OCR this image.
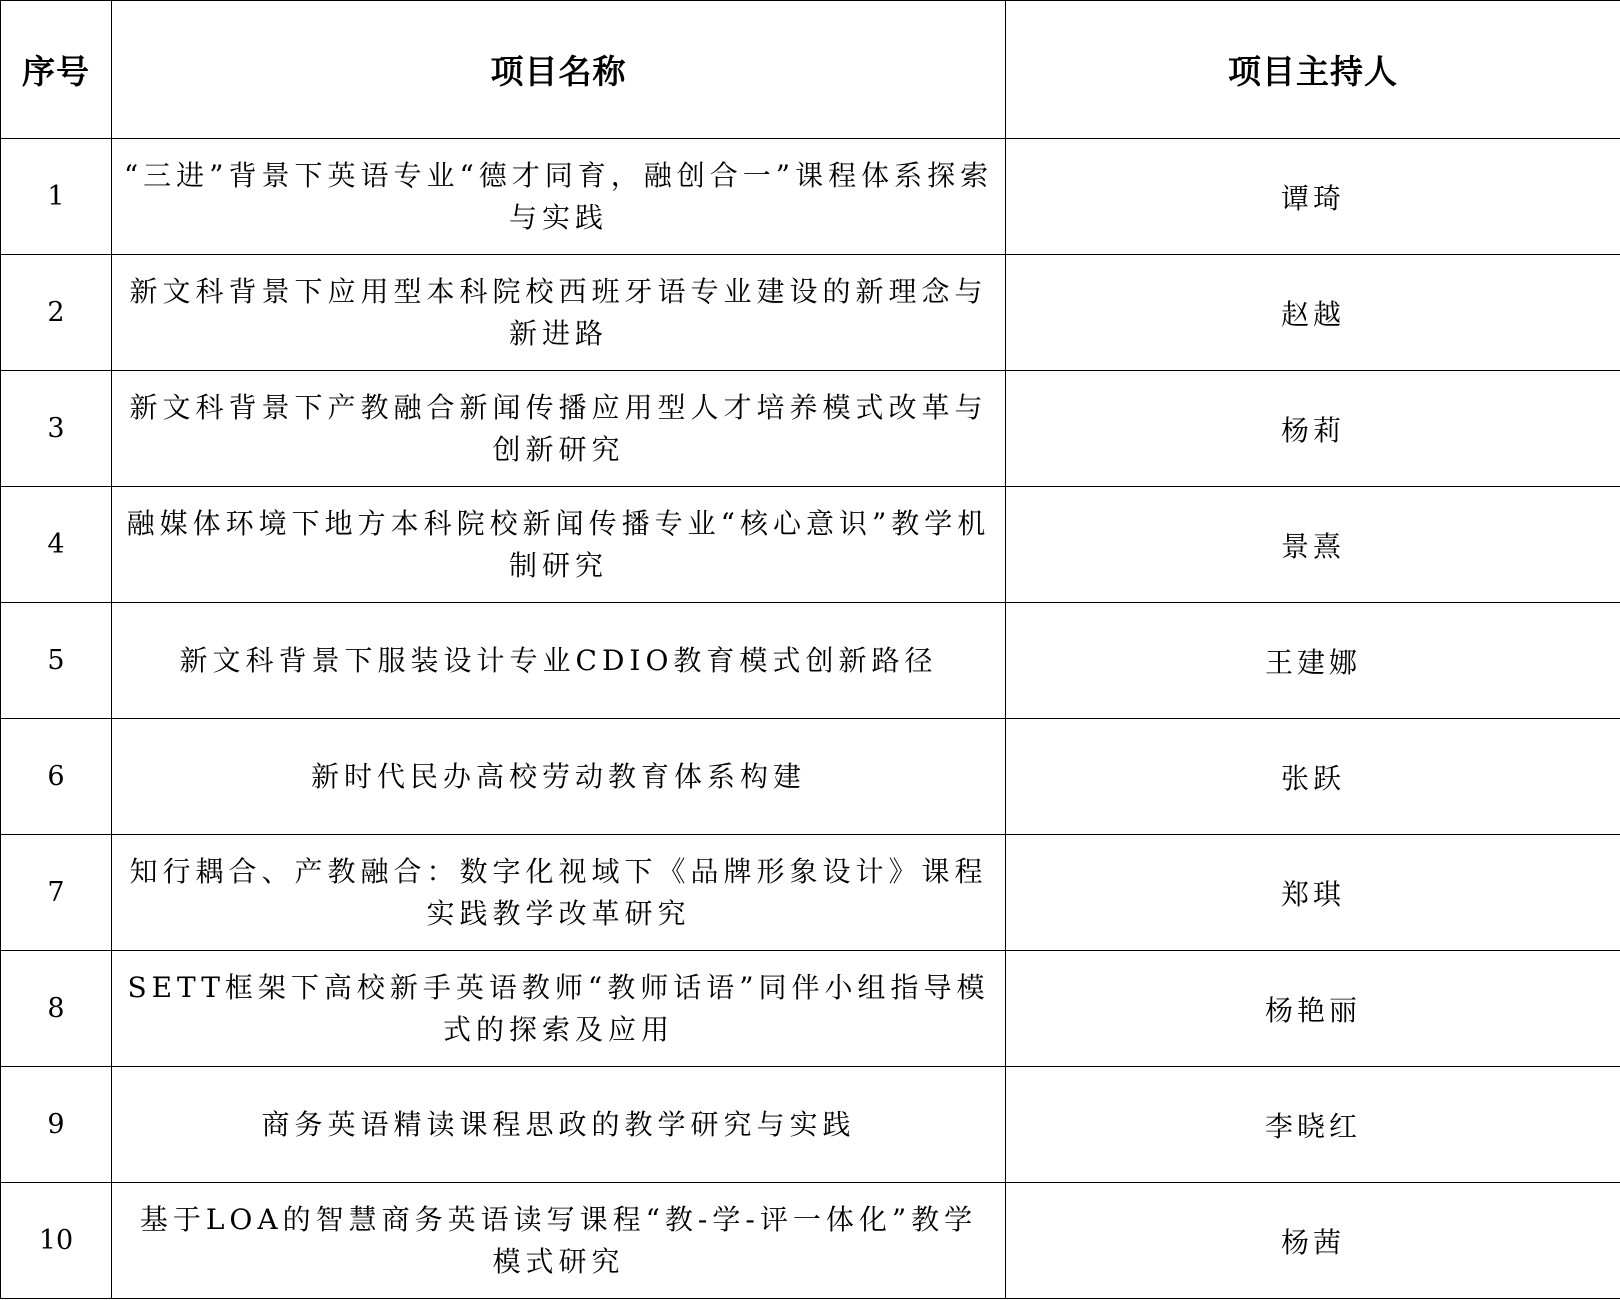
序号	项目名称	项目主持人
1	“三进”背景下英语专业“德才同育，融创合一”课程体系探索与实践	谭琦
2	新文科背景下应用型本科院校西班牙语专业建设的新理念与新进路	赵越
3	新文科背景下产教融合新闻传播应用型人才培养模式改革与创新研究	杨莉
4	融媒体环境下地方本科院校新闻传播专业“核心意识”教学机制研究	景熹
5	新文科背景下服装设计专业CDIO教育模式创新路径	王建娜
6	新时代民办高校劳动教育体系构建	张跃
7	知行耦合、产教融合：数字化视域下《品牌形象设计》课程实践教学改革研究	郑琪
8	SETT框架下高校新手英语教师“教师话语”同伴小组指导模式的探索及应用	杨艳丽
9	商务英语精读课程思政的教学研究与实践	李晓红
10	基于LOA的智慧商务英语读写课程“教-学-评一体化”教学模式研究	杨茜
